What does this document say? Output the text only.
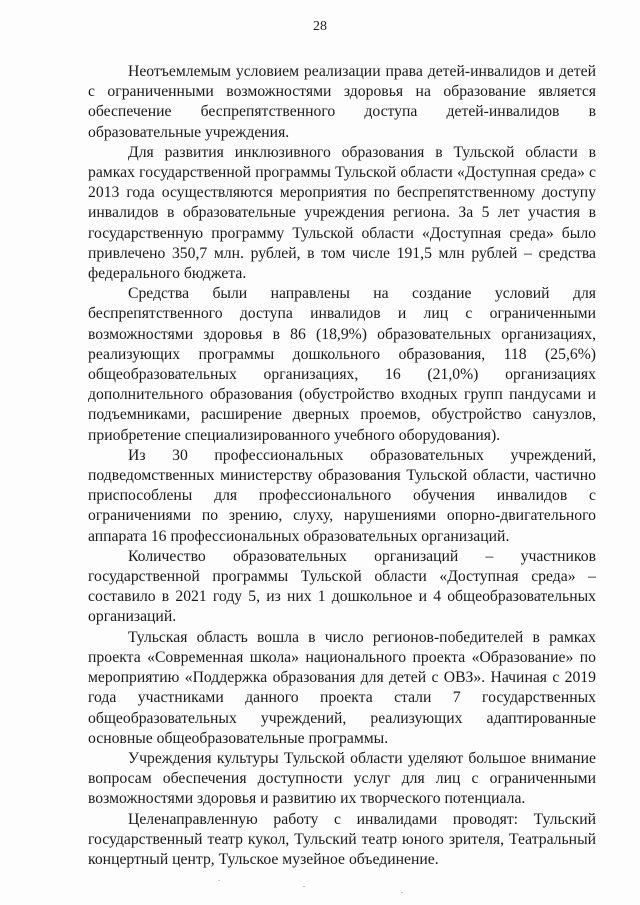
28

Неотъемлемым условием реализации права детей-инвалидов и детей с ограниченными возможностями здоровья на образование является обеспечение беспрепятственного доступа детей-инвалидов в образовательные учреждения.

Для развития инклюзивного образования в Тульской области в рамках государственной программы Тульской области «Доступная среда» с 2013 года осуществляются мероприятия по беспрепятственному доступу инвалидов в образовательные учреждения региона. За 5 лет участия в государственную программу Тульской области «Доступная среда» было привлечено 350,7 млн. рублей, в том числе 191,5 млн рублей – средства федерального бюджета.

Средства были направлены на создание условий для беспрепятственного доступа инвалидов и лиц с ограниченными возможностями здоровья в 86 (18,9%) образовательных организациях, реализующих программы дошкольного образования, 118 (25,6%) общеобразовательных организациях, 16 (21,0%) организациях дополнительного образования (обустройство входных групп пандусами и подъемниками, расширение дверных проемов, обустройство санузлов, приобретение специализированного учебного оборудования).

Из 30 профессиональных образовательных учреждений, подведомственных министерству образования Тульской области, частично приспособлены для профессионального обучения инвалидов с ограничениями по зрению, слуху, нарушениями опорно-двигательного аппарата 16 профессиональных образовательных организаций.

Количество образовательных организаций – участников государственной программы Тульской области «Доступная среда» – составило в 2021 году 5, из них 1 дошкольное и 4 общеобразовательных организаций.

Тульская область вошла в число регионов-победителей в рамках проекта «Современная школа» национального проекта «Образование» по мероприятию «Поддержка образования для детей с ОВЗ». Начиная с 2019 года участниками данного проекта стали 7 государственных общеобразовательных учреждений, реализующих адаптированные основные общеобразовательные программы.

Учреждения культуры Тульской области уделяют большое внимание вопросам обеспечения доступности услуг для лиц с ограниченными возможностями здоровья и развитию их творческого потенциала.

Целенаправленную работу с инвалидами проводят: Тульский государственный театр кукол, Тульский театр юного зрителя, Театральный концертный центр, Тульское музейное объединение.
